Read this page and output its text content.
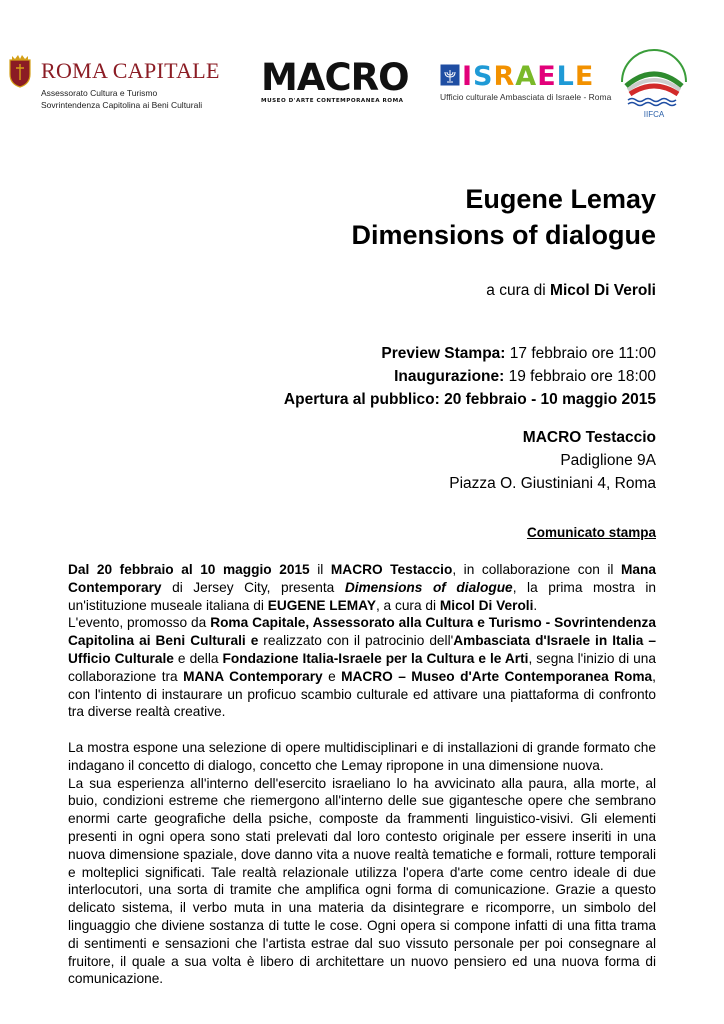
ROMA CAPITALE
Assessorato Cultura e Turismo
Sovrintendenza Capitolina ai Beni Culturali
MACRO
MUSEO D'ARTE CONTEMPORANEA ROMA
ISRAELE
Ufficio culturale Ambasciata di Israele - Roma
IIFCA
Eugene Lemay
Dimensions of dialogue
a cura di Micol Di Veroli
Preview Stampa: 17 febbraio ore 11:00
Inaugurazione: 19 febbraio ore 18:00
Apertura al pubblico: 20 febbraio - 10 maggio 2015
MACRO Testaccio
Padiglione 9A
Piazza O. Giustiniani 4, Roma
Comunicato stampa

Dal 20 febbraio al 10 maggio 2015 il MACRO Testaccio, in collaborazione con il Mana Contemporary di Jersey City, presenta Dimensions of dialogue, la prima mostra in un'istituzione museale italiana di EUGENE LEMAY, a cura di Micol Di Veroli.

L'evento, promosso da Roma Capitale, Assessorato alla Cultura e Turismo - Sovrintendenza Capitolina ai Beni Culturali e realizzato con il patrocinio dell'Ambasciata d'Israele in Italia – Ufficio Culturale e della Fondazione Italia-Israele per la Cultura e le Arti, segna l'inizio di una collaborazione tra MANA Contemporary e MACRO – Museo d'Arte Contemporanea Roma, con l'intento di instaurare un proficuo scambio culturale ed attivare una piattaforma di confronto tra diverse realtà creative.

La mostra espone una selezione di opere multidisciplinari e di installazioni di grande formato che indagano il concetto di dialogo, concetto che Lemay ripropone in una dimensione nuova.

La sua esperienza all'interno dell'esercito israeliano lo ha avvicinato alla paura, alla morte, al buio, condizioni estreme che riemergono all'interno delle sue gigantesche opere che sembrano enormi carte geografiche della psiche, composte da frammenti linguistico-visivi. Gli elementi presenti in ogni opera sono stati prelevati dal loro contesto originale per essere inseriti in una nuova dimensione spaziale, dove danno vita a nuove realtà tematiche e formali, rotture temporali e molteplici significati. Tale realtà relazionale utilizza l'opera d'arte come centro ideale di due interlocutori, una sorta di tramite che amplifica ogni forma di comunicazione. Grazie a questo delicato sistema, il verbo muta in una materia da disintegrare e ricomporre, un simbolo del linguaggio che diviene sostanza di tutte le cose. Ogni opera si compone infatti di una fitta trama di sentimenti e sensazioni che l'artista estrae dal suo vissuto personale per poi consegnare al fruitore, il quale a sua volta è libero di architettare un nuovo pensiero ed una nuova forma di comunicazione.
